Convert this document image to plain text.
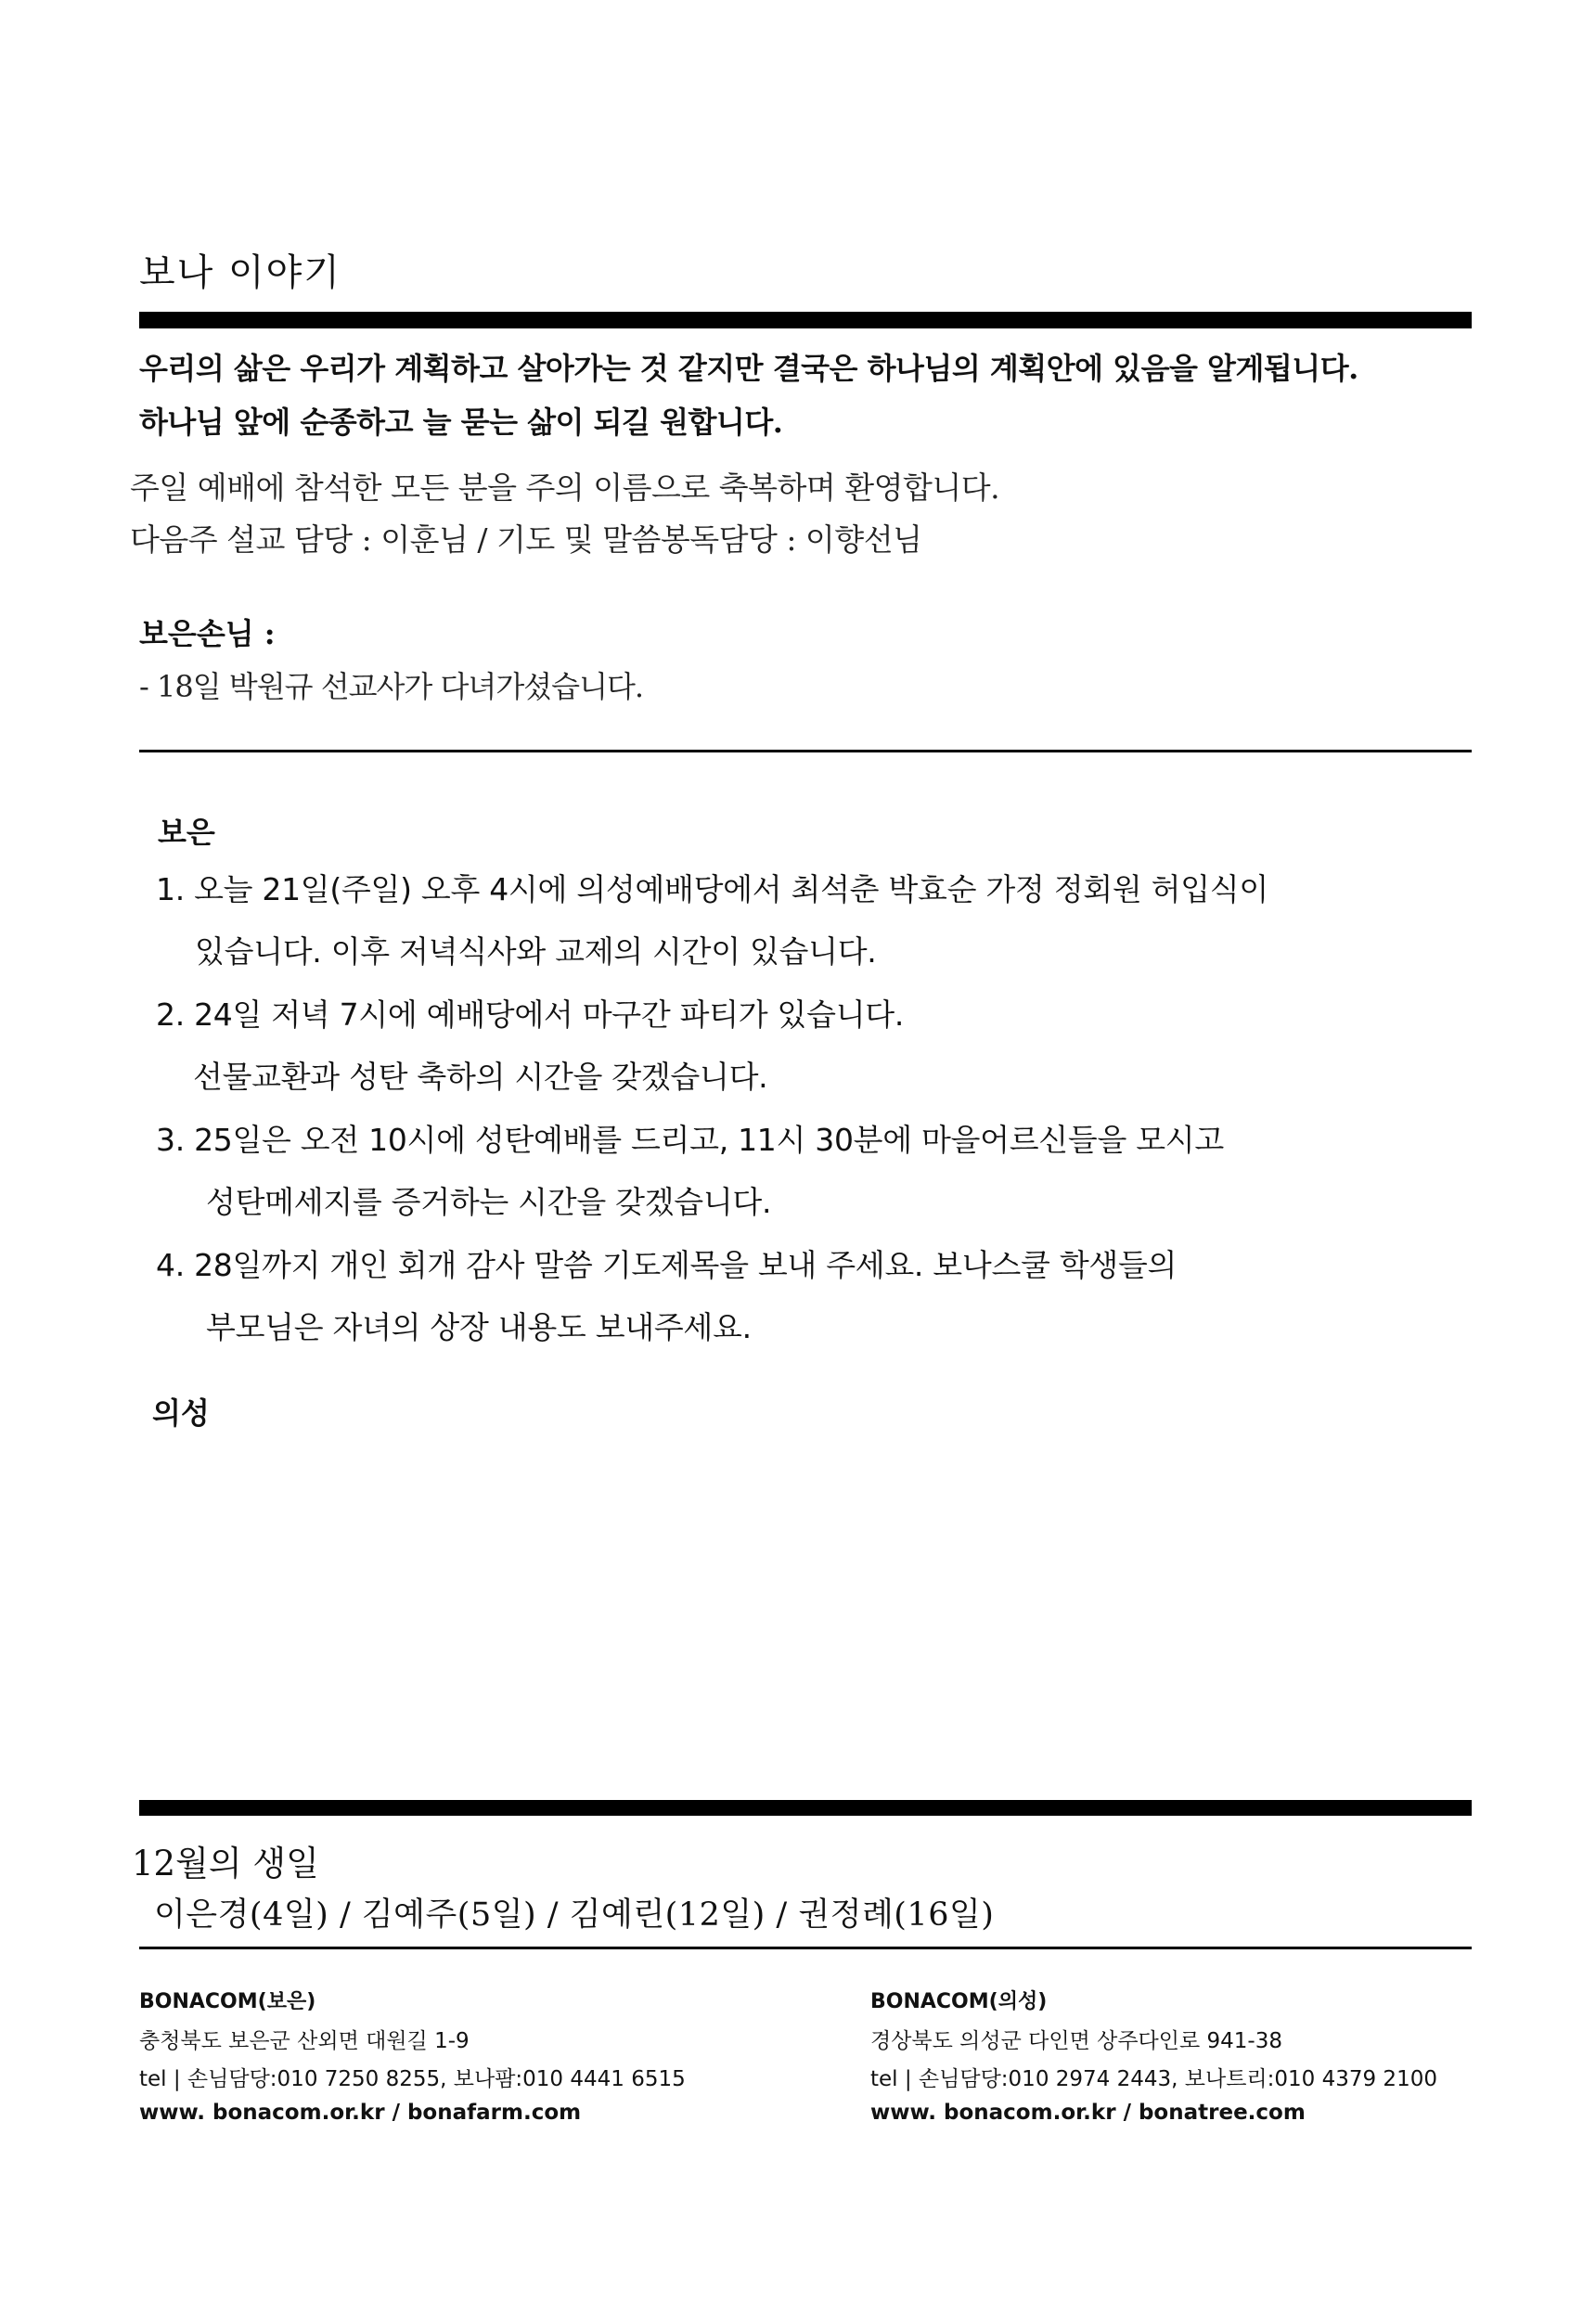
보나 이야기
우리의 삶은 우리가 계획하고 살아가는 것 같지만 결국은 하나님의 계획안에 있음을 알게됩니다.
하나님 앞에 순종하고 늘 묻는 삶이 되길 원합니다.
주일 예배에 참석한 모든 분을 주의 이름으로 축복하며 환영합니다.
다음주 설교 담당 : 이훈님 / 기도 및 말씀봉독담당 : 이향선님
보은손님 :
- 18일 박원규 선교사가 다녀가셨습니다.
보은
1. 오늘 21일(주일) 오후 4시에 의성예배당에서 최석춘 박효순 가정 정회원 허입식이
있습니다. 이후 저녁식사와 교제의 시간이 있습니다.
2. 24일 저녁 7시에 예배당에서 마구간 파티가 있습니다.
선물교환과 성탄 축하의 시간을 갖겠습니다.
3. 25일은 오전 10시에 성탄예배를 드리고, 11시 30분에 마을어르신들을 모시고
성탄메세지를 증거하는 시간을 갖겠습니다.
4. 28일까지 개인 회개 감사 말씀 기도제목을 보내 주세요. 보나스쿨 학생들의
부모님은 자녀의 상장 내용도 보내주세요.
의성
12월의 생일
이은경(4일) / 김예주(5일) / 김예린(12일) / 권정례(16일)
BONACOM(보은)
충청북도 보은군 산외면 대원길 1-9
tel | 손님담당:010 7250 8255, 보나팜:010 4441 6515
www. bonacom.or.kr / bonafarm.com
BONACOM(의성)
경상북도 의성군 다인면 상주다인로 941-38
tel | 손님담당:010 2974 2443, 보나트리:010 4379 2100
www. bonacom.or.kr / bonatree.com
